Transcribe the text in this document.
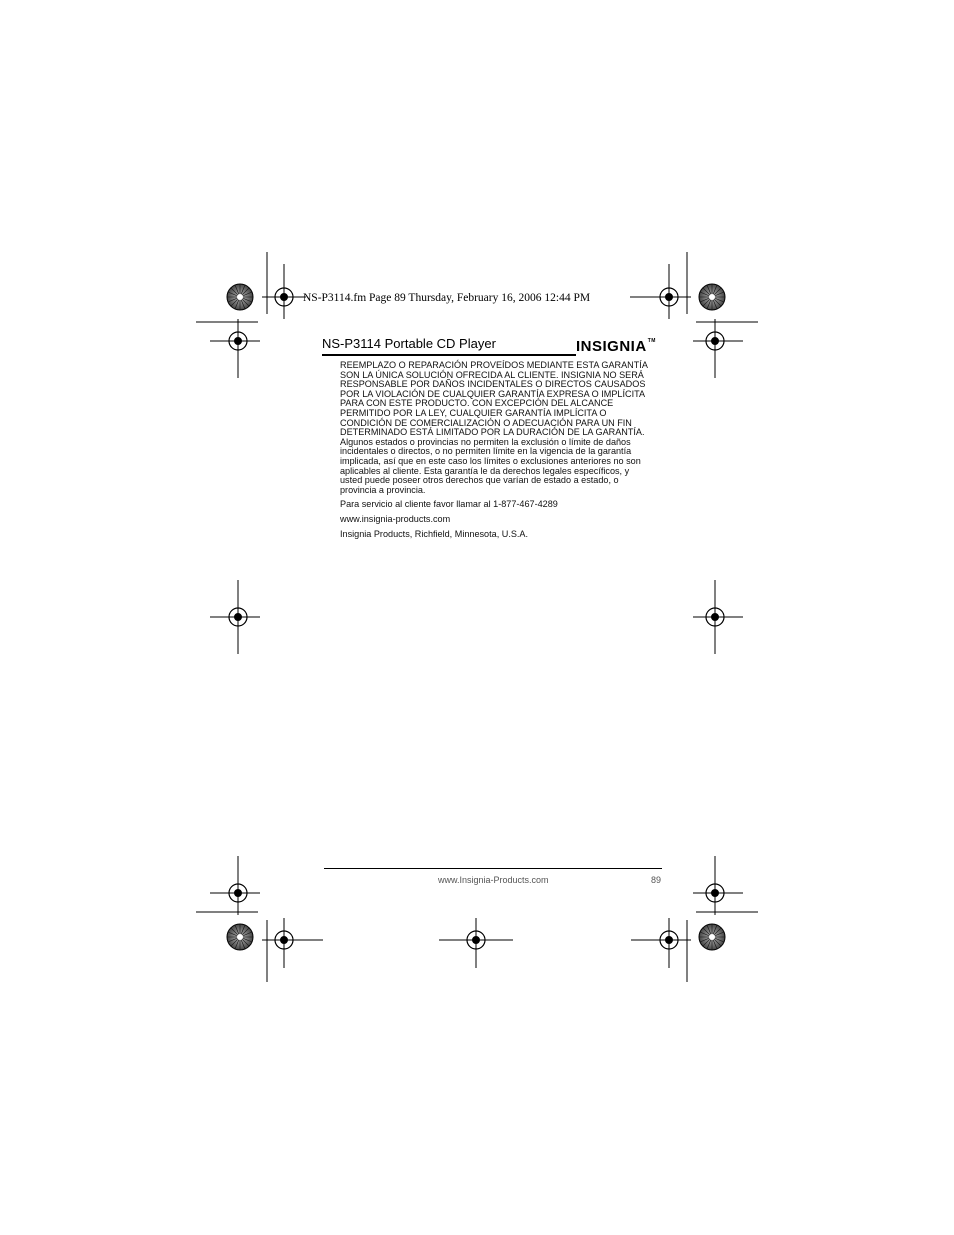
NS-P3114.fm Page 89 Thursday, February 16, 2006 12:44 PM
NS-P3114 Portable CD Player	INSIGNIA™

REEMPLAZO O REPARACIÓN PROVEÍDOS MEDIANTE ESTA GARANTÍA
SON LA ÚNICA SOLUCIÓN OFRECIDA AL CLIENTE. INSIGNIA NO SERÁ
RESPONSABLE POR DAÑOS INCIDENTALES O DIRECTOS CAUSADOS
POR LA VIOLACIÓN DE CUALQUIER GARANTÍA EXPRESA O IMPLÍCITA
PARA CON ESTE PRODUCTO. CON EXCEPCIÓN DEL ALCANCE
PERMITIDO POR LA LEY, CUALQUIER GARANTÍA IMPLÍCITA O
CONDICIÓN DE COMERCIALIZACIÓN O ADECUACIÓN PARA UN FIN
DETERMINADO ESTÁ LIMITADO POR LA DURACIÓN DE LA GARANTÍA.

Algunos estados o provincias no permiten la exclusión o límite de daños
incidentales o directos, o no permiten límite en la vigencia de la garantía
implicada, así que en este caso los límites o exclusiones anteriores no son
aplicables al cliente. Esta garantía le da derechos legales específicos, y
usted puede poseer otros derechos que varían de estado a estado, o
provincia a provincia.

Para servicio al cliente favor llamar al 1-877-467-4289

www.insignia-products.com

Insignia Products, Richfield, Minnesota, U.S.A.

www.Insignia-Products.com	89
